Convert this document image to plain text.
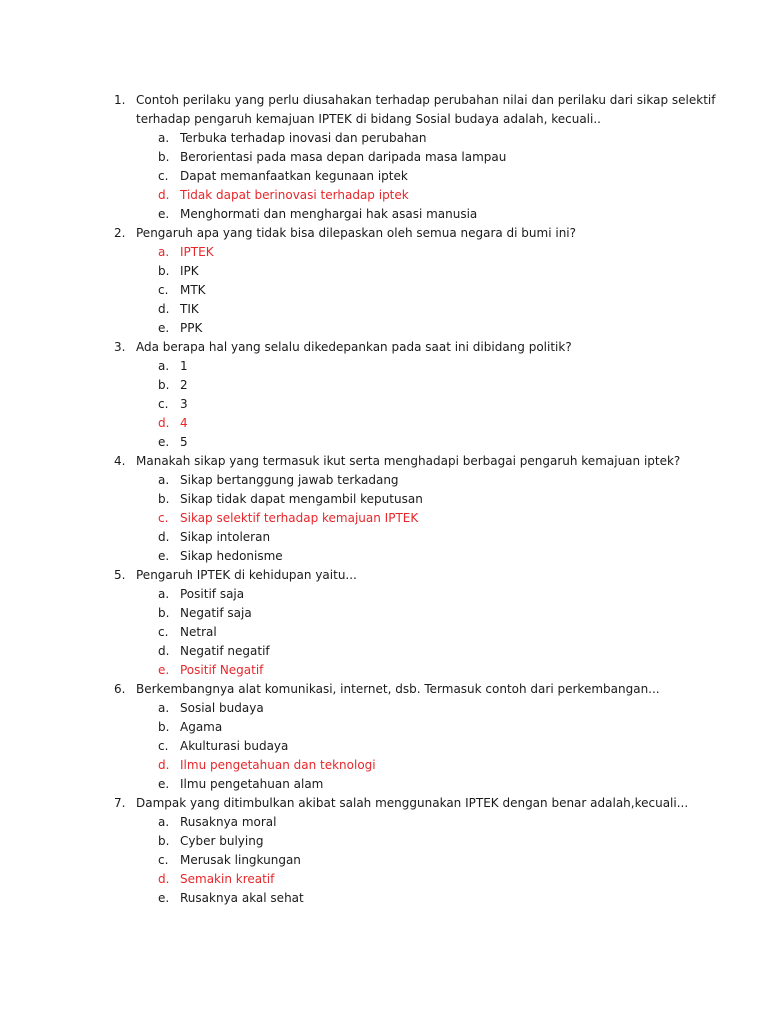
1. Contoh perilaku yang perlu diusahakan terhadap perubahan nilai dan perilaku dari sikap selektif
terhadap pengaruh kemajuan IPTEK di bidang Sosial budaya adalah, kecuali..
a. Terbuka terhadap inovasi dan perubahan
b. Berorientasi pada masa depan daripada masa lampau
c. Dapat memanfaatkan kegunaan iptek
d. Tidak dapat berinovasi terhadap iptek
e. Menghormati dan menghargai hak asasi manusia
2. Pengaruh apa yang tidak bisa dilepaskan oleh semua negara di bumi ini?
a. IPTEK
b. IPK
c. MTK
d. TIK
e. PPK
3. Ada berapa hal yang selalu dikedepankan pada saat ini dibidang politik?
a. 1
b. 2
c. 3
d. 4
e. 5
4. Manakah sikap yang termasuk ikut serta menghadapi berbagai pengaruh kemajuan iptek?
a. Sikap bertanggung jawab terkadang
b. Sikap tidak dapat mengambil keputusan
c. Sikap selektif terhadap kemajuan IPTEK
d. Sikap intoleran
e. Sikap hedonisme
5. Pengaruh IPTEK di kehidupan yaitu...
a. Positif saja
b. Negatif saja
c. Netral
d. Negatif negatif
e. Positif Negatif
6. Berkembangnya alat komunikasi, internet, dsb. Termasuk contoh dari perkembangan...
a. Sosial budaya
b. Agama
c. Akulturasi budaya
d. Ilmu pengetahuan dan teknologi
e. Ilmu pengetahuan alam
7. Dampak yang ditimbulkan akibat salah menggunakan IPTEK dengan benar adalah,kecuali...
a. Rusaknya moral
b. Cyber bulying
c. Merusak lingkungan
d. Semakin kreatif
e. Rusaknya akal sehat
